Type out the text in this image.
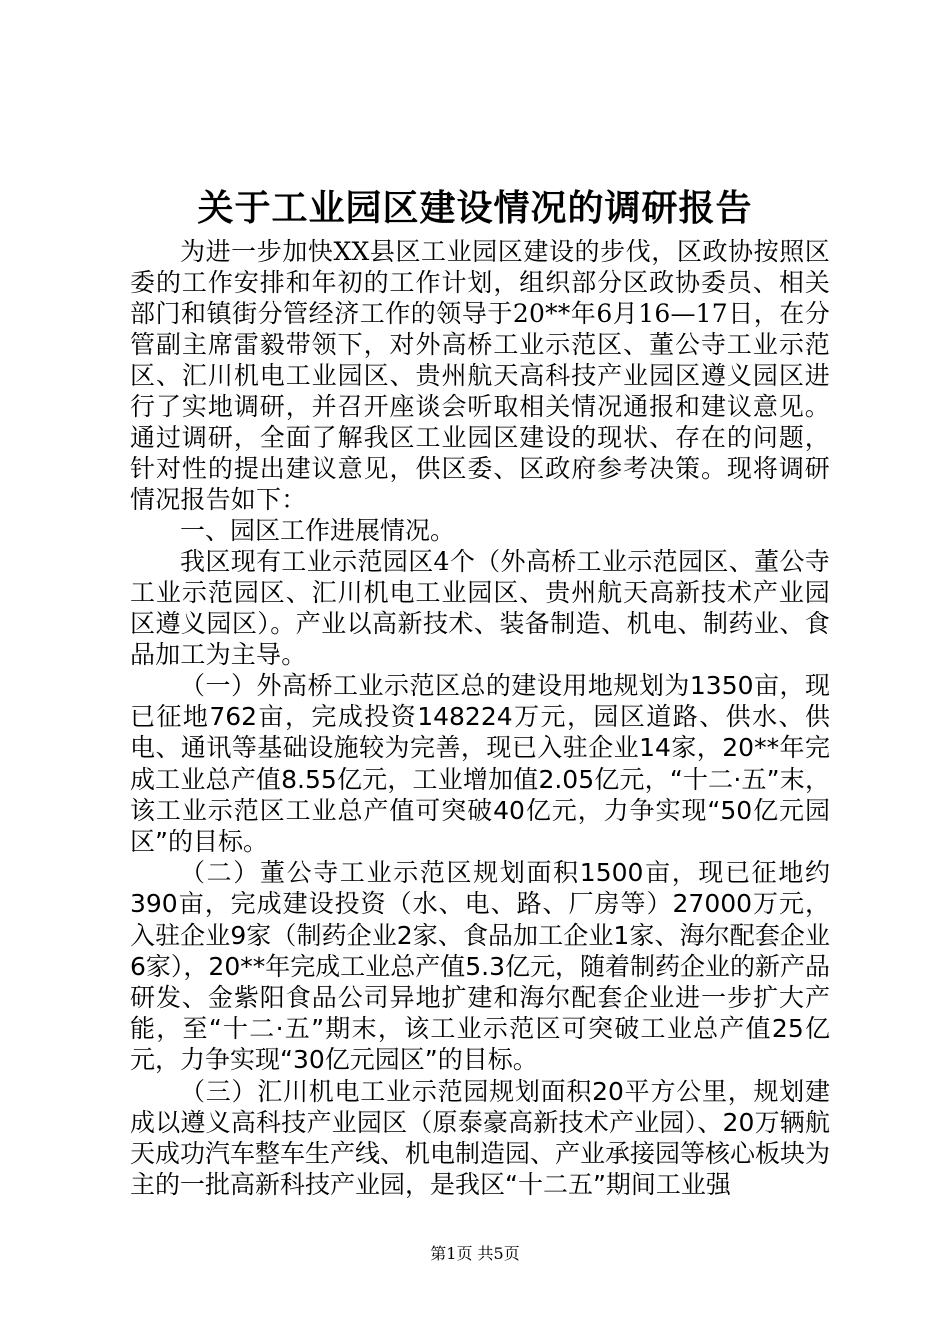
关于工业园区建设情况的调研报告

为进一步加快XX县区工业园区建设的步伐，区政协按照区委的工作安排和年初的工作计划，组织部分区政协委员、相关部门和镇街分管经济工作的领导于20**年6月16—17日，在分管副主席雷毅带领下，对外高桥工业示范区、董公寺工业示范区、汇川机电工业园区、贵州航天高科技产业园区遵义园区进行了实地调研，并召开座谈会听取相关情况通报和建议意见。通过调研，全面了解我区工业园区建设的现状、存在的问题，针对性的提出建议意见，供区委、区政府参考决策。现将调研情况报告如下：

一、园区工作进展情况。

我区现有工业示范园区4个（外高桥工业示范园区、董公寺工业示范园区、汇川机电工业园区、贵州航天高新技术产业园区遵义园区）。产业以高新技术、装备制造、机电、制药业、食品加工为主导。

（一）外高桥工业示范区总的建设用地规划为1350亩，现已征地762亩，完成投资148224万元，园区道路、供水、供电、通讯等基础设施较为完善，现已入驻企业14家，20**年完成工业总产值8.55亿元，工业增加值2.05亿元，“十二·五”末，该工业示范区工业总产值可突破40亿元，力争实现“50亿元园区”的目标。

（二）董公寺工业示范区规划面积1500亩，现已征地约390亩，完成建设投资（水、电、路、厂房等）27000万元，入驻企业9家（制药企业2家、食品加工企业1家、海尔配套企业6家），20**年完成工业总产值5.3亿元，随着制药企业的新产品研发、金紫阳食品公司异地扩建和海尔配套企业进一步扩大产能，至“十二·五”期末，该工业示范区可突破工业总产值25亿元，力争实现“30亿元园区”的目标。

（三）汇川机电工业示范园规划面积20平方公里，规划建成以遵义高科技产业园区（原泰豪高新技术产业园）、20万辆航天成功汽车整车生产线、机电制造园、产业承接园等核心板块为主的一批高新科技产业园，是我区“十二五”期间工业强

第1页 共5页
